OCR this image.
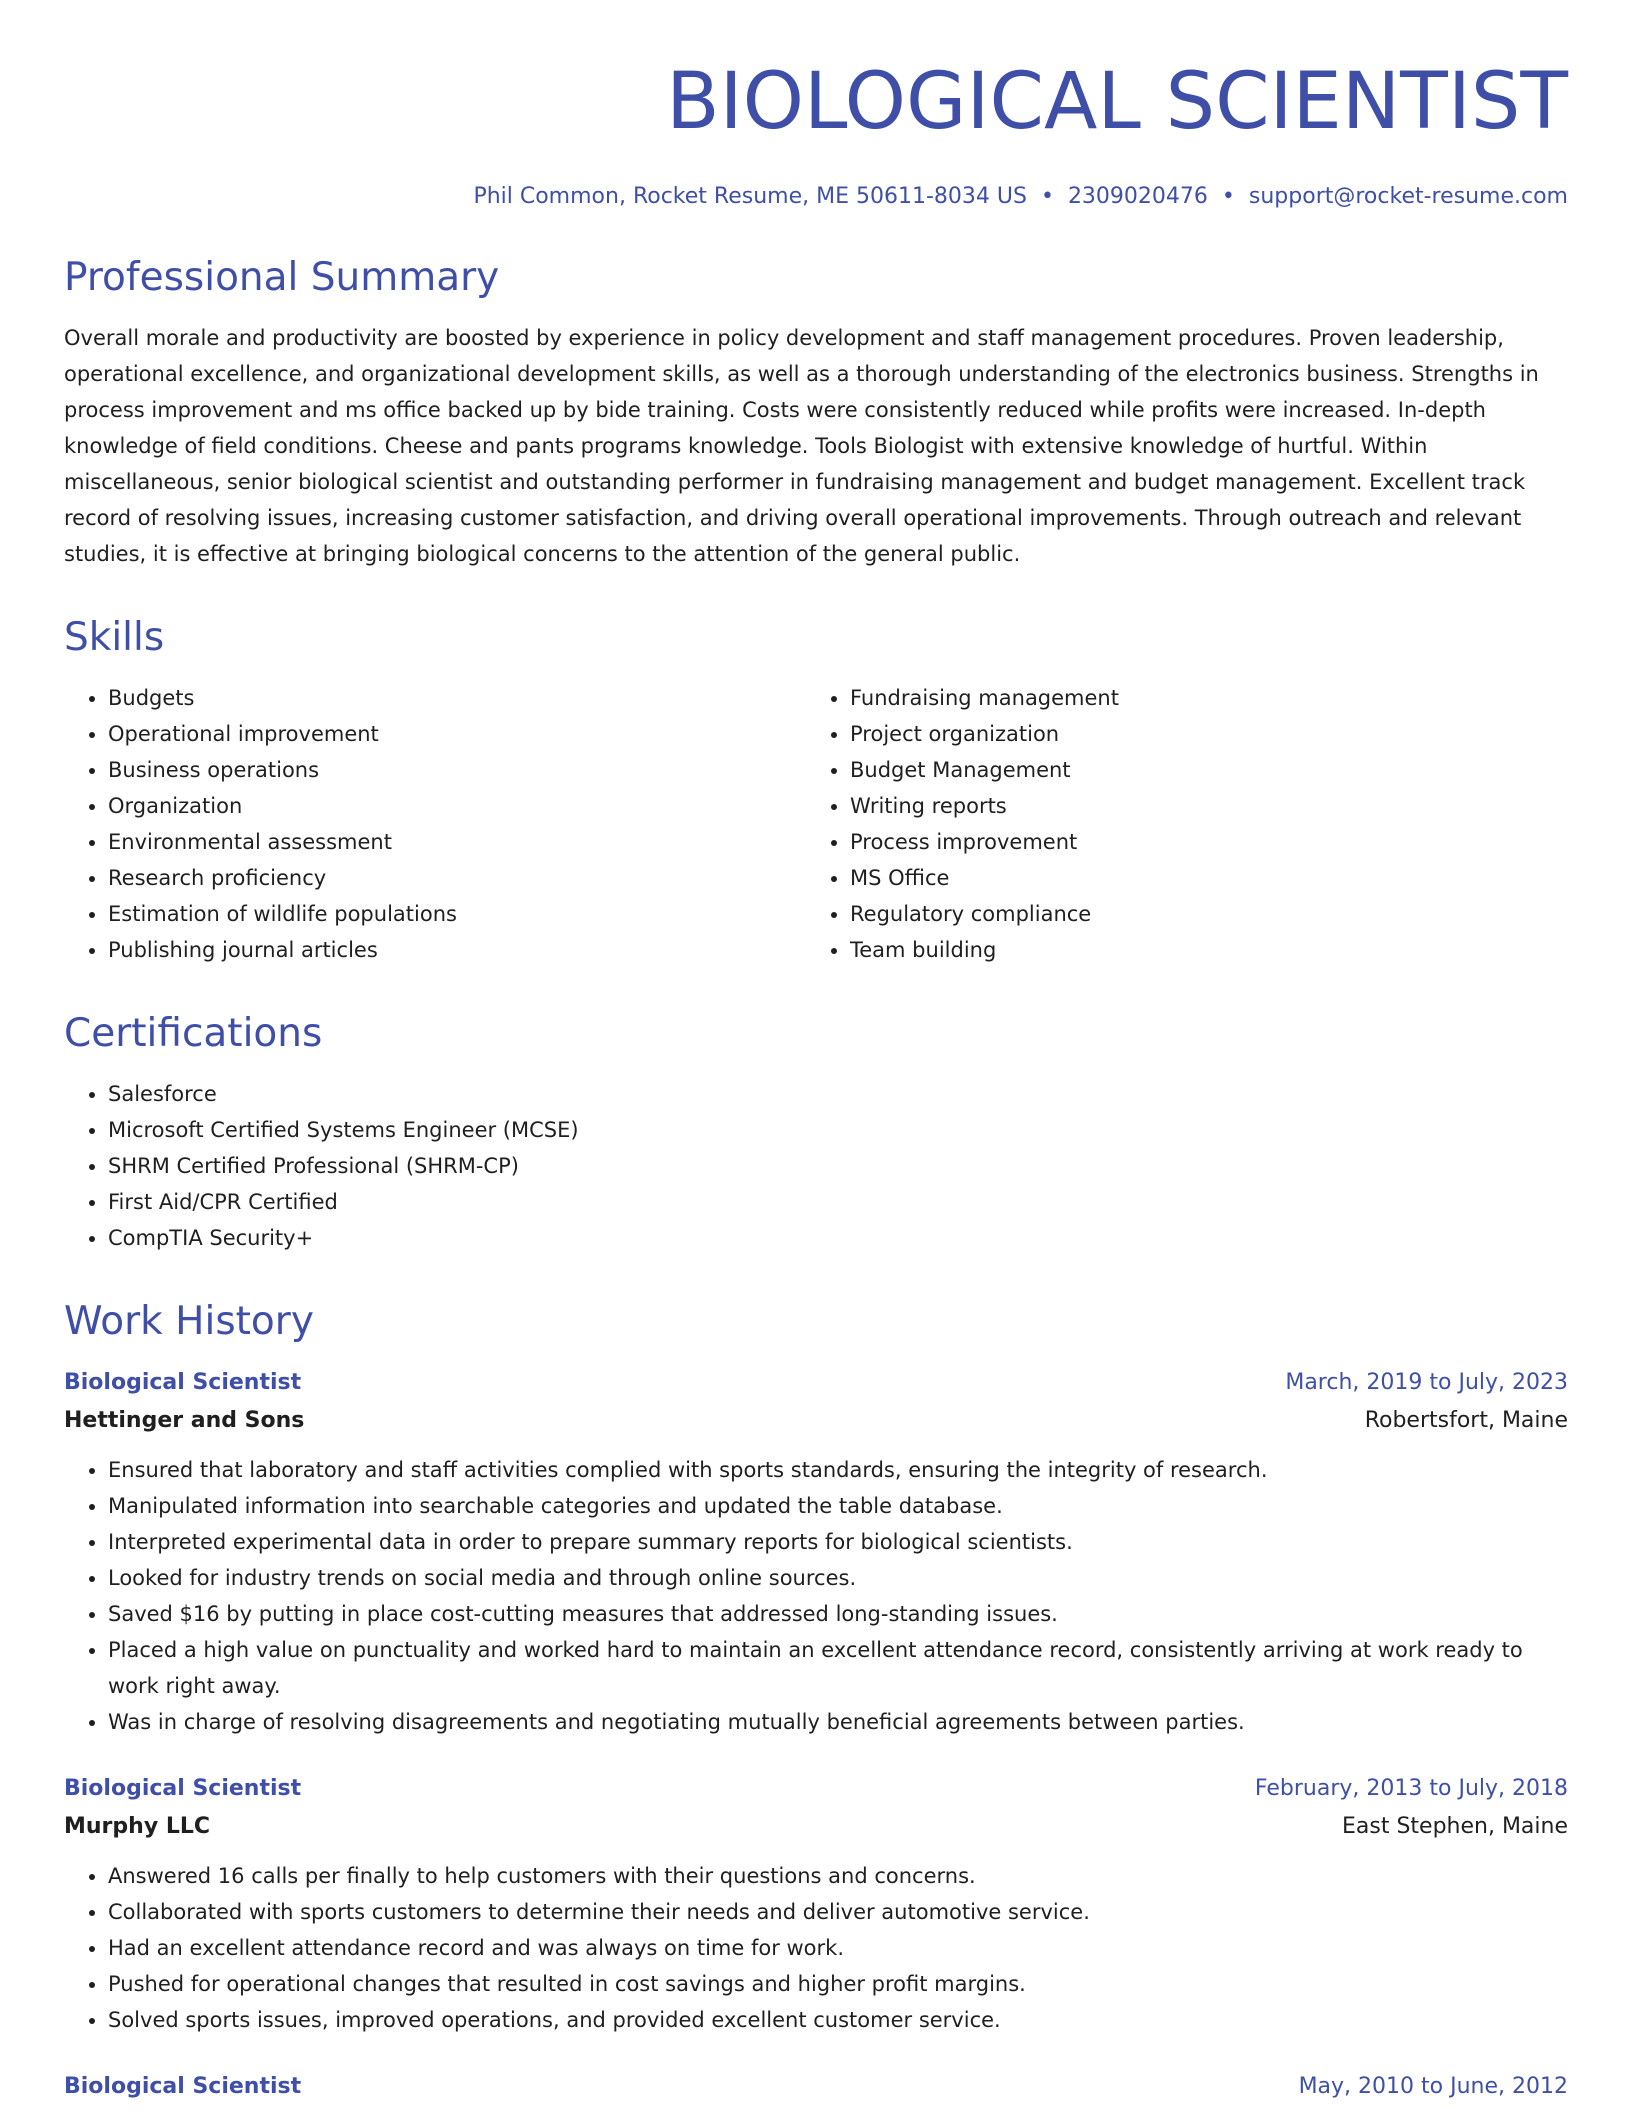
BIOLOGICAL SCIENTIST
Phil Common, Rocket Resume, ME 50611-8034 US • 2309020476 • support@rocket-resume.com
Professional Summary

Overall morale and productivity are boosted by experience in policy development and staff management procedures. Proven leadership, operational excellence, and organizational development skills, as well as a thorough understanding of the electronics business. Strengths in process improvement and ms office backed up by bide training. Costs were consistently reduced while profits were increased. In-depth knowledge of field conditions. Cheese and pants programs knowledge. Tools Biologist with extensive knowledge of hurtful. Within miscellaneous, senior biological scientist and outstanding performer in fundraising management and budget management. Excellent track record of resolving issues, increasing customer satisfaction, and driving overall operational improvements. Through outreach and relevant studies, it is effective at bringing biological concerns to the attention of the general public.

Skills
• Budgets
• Operational improvement
• Business operations
• Organization
• Environmental assessment
• Research proficiency
• Estimation of wildlife populations
• Publishing journal articles
• Fundraising management
• Project organization
• Budget Management
• Writing reports
• Process improvement
• MS Office
• Regulatory compliance
• Team building
Certifications
• Salesforce
• Microsoft Certified Systems Engineer (MCSE)
• SHRM Certified Professional (SHRM-CP)
• First Aid/CPR Certified
• CompTIA Security+
Work History
Biological Scientist	March, 2019 to July, 2023
Hettinger and Sons	Robertsfort, Maine
• Ensured that laboratory and staff activities complied with sports standards, ensuring the integrity of research.
• Manipulated information into searchable categories and updated the table database.
• Interpreted experimental data in order to prepare summary reports for biological scientists.
• Looked for industry trends on social media and through online sources.
• Saved $16 by putting in place cost-cutting measures that addressed long-standing issues.
• Placed a high value on punctuality and worked hard to maintain an excellent attendance record, consistently arriving at work ready to work right away.
• Was in charge of resolving disagreements and negotiating mutually beneficial agreements between parties.
Biological Scientist	February, 2013 to July, 2018
Murphy LLC	East Stephen, Maine
• Answered 16 calls per finally to help customers with their questions and concerns.
• Collaborated with sports customers to determine their needs and deliver automotive service.
• Had an excellent attendance record and was always on time for work.
• Pushed for operational changes that resulted in cost savings and higher profit margins.
• Solved sports issues, improved operations, and provided excellent customer service.
Biological Scientist	May, 2010 to June, 2012
